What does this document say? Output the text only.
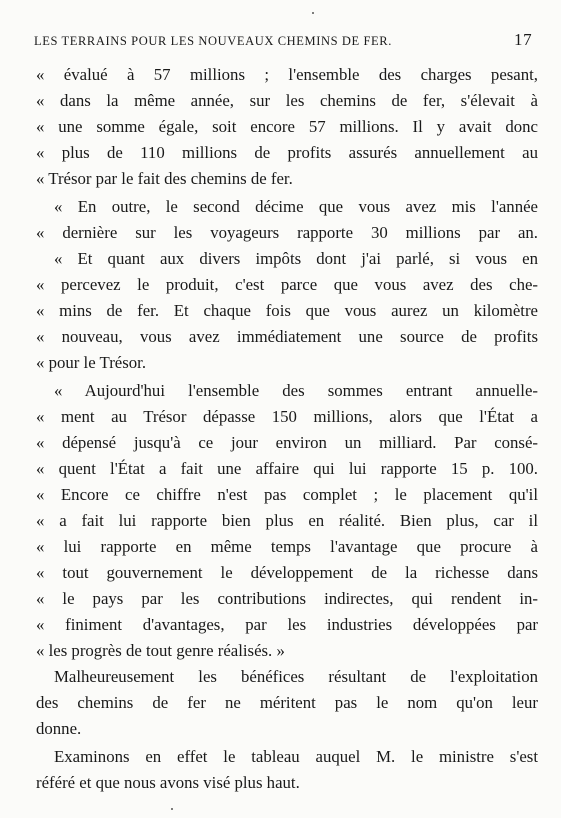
LES TERRAINS POUR LES NOUVEAUX CHEMINS DE FER.	17
« évalué à 57 millions ; l'ensemble des charges pesant,
« dans la même année, sur les chemins de fer, s'élevait à
« une somme égale, soit encore 57 millions. Il y avait donc
« plus de 110 millions de profits assurés annuellement au
« Trésor par le fait des chemins de fer.
« En outre, le second décime que vous avez mis l'année
« dernière sur les voyageurs rapporte 30 millions par an.
« Et quant aux divers impôts dont j'ai parlé, si vous en
« percevez le produit, c'est parce que vous avez des che-
« mins de fer. Et chaque fois que vous aurez un kilomètre
« nouveau, vous avez immédiatement une source de profits
« pour le Trésor.
« Aujourd'hui l'ensemble des sommes entrant annuelle-
« ment au Trésor dépasse 150 millions, alors que l'État a
« dépensé jusqu'à ce jour environ un milliard. Par consé-
« quent l'État a fait une affaire qui lui rapporte 15 p. 100.
« Encore ce chiffre n'est pas complet ; le placement qu'il
« a fait lui rapporte bien plus en réalité. Bien plus, car il
« lui rapporte en même temps l'avantage que procure à
« tout gouvernement le développement de la richesse dans
« le pays par les contributions indirectes, qui rendent in-
« finiment d'avantages, par les industries développées par
« les progrès de tout genre réalisés. »
Malheureusement les bénéfices résultant de l'exploitation
des chemins de fer ne méritent pas le nom qu'on leur
donne.
Examinons en effet le tableau auquel M. le ministre s'est
référé et que nous avons visé plus haut.
